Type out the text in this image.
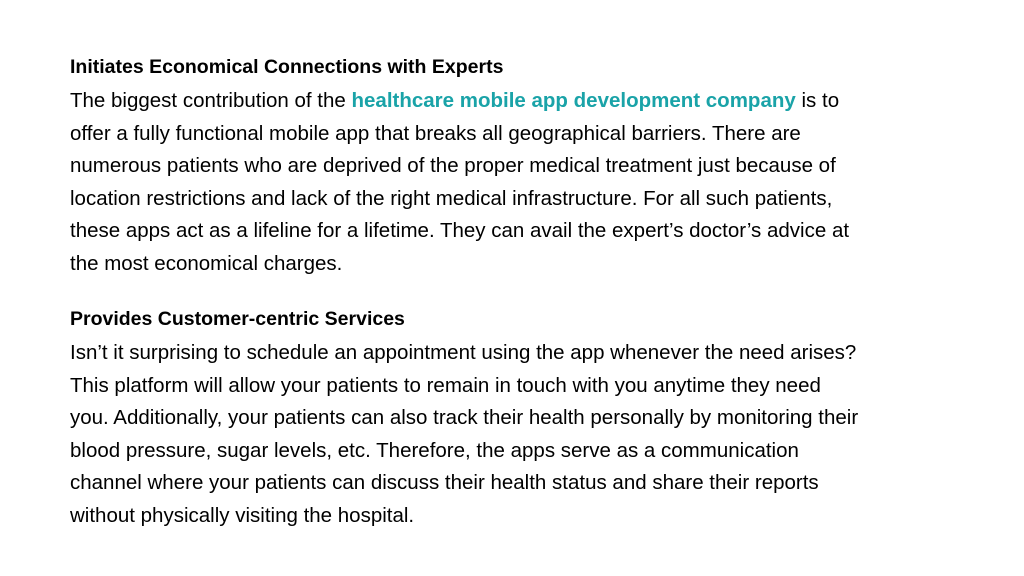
Initiates Economical Connections with Experts

The biggest contribution of the healthcare mobile app development company is to
offer a fully functional mobile app that breaks all geographical barriers. There are
numerous patients who are deprived of the proper medical treatment just because of
location restrictions and lack of the right medical infrastructure. For all such patients,
these apps act as a lifeline for a lifetime. They can avail the expert’s doctor’s advice at
the most economical charges.

Provides Customer-centric Services

Isn’t it surprising to schedule an appointment using the app whenever the need arises?
This platform will allow your patients to remain in touch with you anytime they need
you. Additionally, your patients can also track their health personally by monitoring their
blood pressure, sugar levels, etc. Therefore, the apps serve as a communication
channel where your patients can discuss their health status and share their reports
without physically visiting the hospital.
